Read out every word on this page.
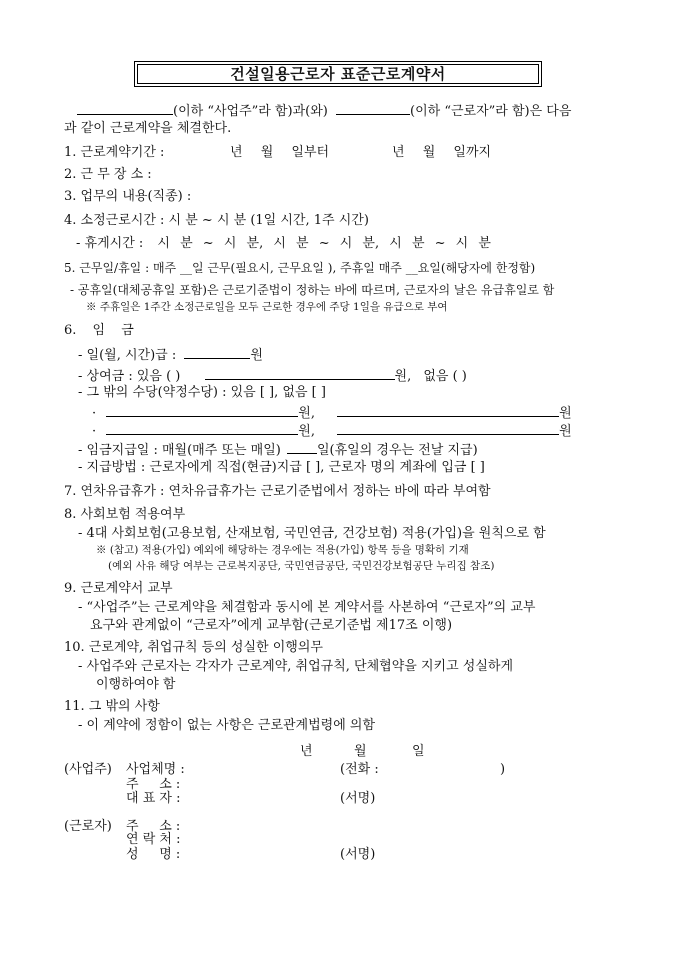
건설일용근로자 표준근로계약서
(이하 “사업주”라 함)과(와)	(이하 “근로자”라 함)은 다음
과 같이 근로계약을 체결한다.
1. 근로계약기간 :	년 월 일부터	년 월 일까지
2. 근 무 장 소 :
3. 업무의 내용(직종) :
4. 소정근로시간 : 시 분 ~ 시 분 (1일 시간, 1주 시간)
- 휴게시간 : 시 분 ~ 시 분, 시 분 ~ 시 분, 시 분 ~ 시 분
5. 근무일/휴일 : 매주 __일 근무(필요시, 근무요일 ), 주휴일 매주 __요일(해당자에 한정함)
- 공휴일(대체공휴일 포함)은 근로기준법이 정하는 바에 따르며, 근로자의 날은 유급휴일로 함
※ 주휴일은 1주간 소정근로일을 모두 근로한 경우에 주당 1일을 유급으로 부여
6. 임 금
- 일(월, 시간)급 :	원
- 상여금 : 있음 ( )	원, 없음 ( )
- 그 밖의 수당(약정수당) : 있음 [ ], 없음 [ ]
·	원,	원
·	원,	원
- 임금지급일 : 매월(매주 또는 매일)	일(휴일의 경우는 전날 지급)
- 지급방법 : 근로자에게 직접(현금)지급 [ ], 근로자 명의 계좌에 입금 [ ]
7. 연차유급휴가 : 연차유급휴가는 근로기준법에서 정하는 바에 따라 부여함
8. 사회보험 적용여부
- 4대 사회보험(고용보험, 산재보험, 국민연금, 건강보험) 적용(가입)을 원칙으로 함
※ (참고) 적용(가입) 예외에 해당하는 경우에는 적용(가입) 항목 등을 명확히 기재
(예외 사유 해당 여부는 근로복지공단, 국민연금공단, 국민건강보험공단 누리집 참조)
9. 근로계약서 교부
- “사업주”는 근로계약을 체결함과 동시에 본 계약서를 사본하여 “근로자”의 교부
요구와 관계없이 “근로자”에게 교부함(근로기준법 제17조 이행)
10. 근로계약, 취업규칙 등의 성실한 이행의무
- 사업주와 근로자는 각자가 근로계약, 취업규칙, 단체협약을 지키고 성실하게
이행하여야 함
11. 그 밖의 사항
- 이 계약에 정함이 없는 사항은 근로관계법령에 의함
년	월	일
(사업주) 사업체명 :	(전화 :	)
주     소 :
대 표 자 :	(서명)
(근로자) 주     소 :
연 락 처 :
성     명 :	(서명)
